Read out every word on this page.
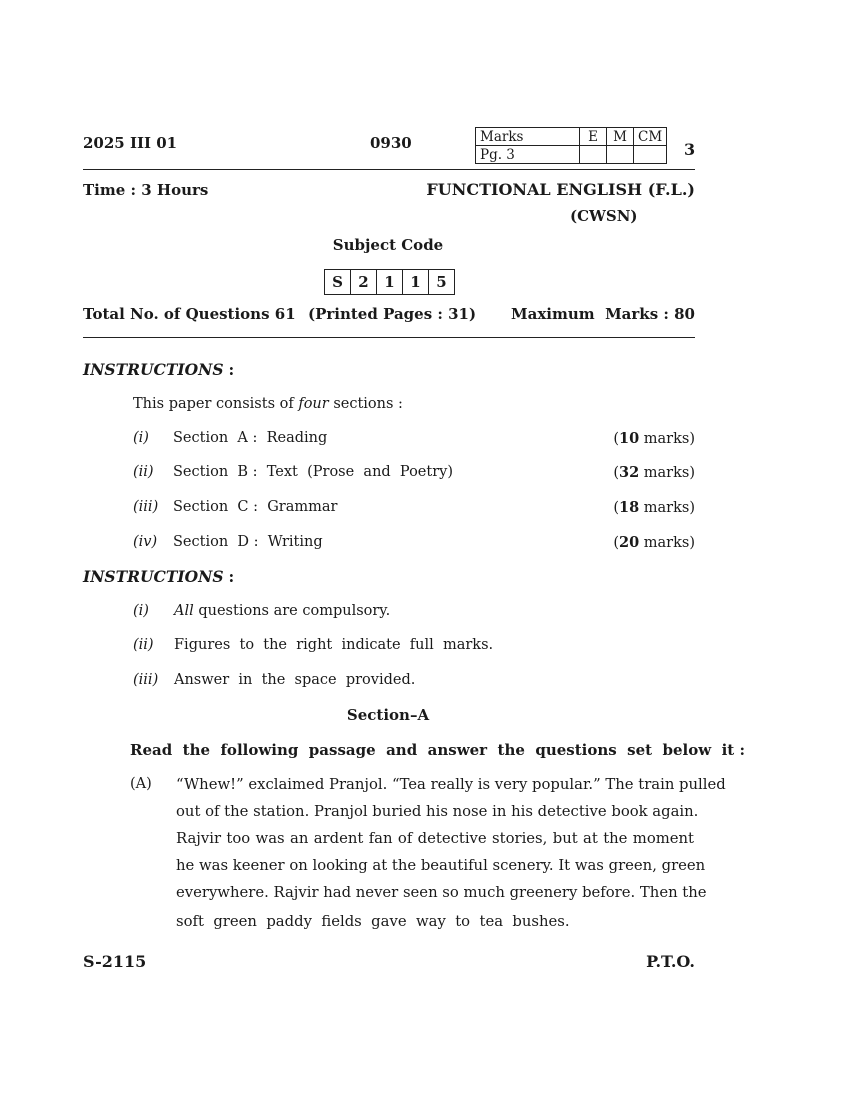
2025 III 01	0930	Marks	E	M	CM
Pg. 3				3
Time : 3 Hours	FUNCTIONAL ENGLISH (F.L.)
(CWSN)
Subject Code
S	2	1	1	5
Total No. of Questions 61 (Printed Pages : 31) Maximum  Marks : 80
INSTRUCTIONS :
This paper consists of four sections :
(i) Section  A :  Reading	(10 marks)
(ii) Section  B :  Text  (Prose  and  Poetry)	(32 marks)
(iii) Section  C :  Grammar	(18 marks)
(iv) Section  D :  Writing	(20 marks)
INSTRUCTIONS :
(i) All questions are compulsory.
(ii) Figures  to  the  right  indicate  full  marks.
(iii) Answer  in  the  space  provided.
Section–A
Read  the  following  passage  and  answer  the  questions  set  below  it :
(A) “Whew!” exclaimed Pranjol. “Tea really is very popular.” The train pulled
out of the station. Pranjol buried his nose in his detective book again.
Rajvir too was an ardent fan of detective stories, but at the moment
he was keener on looking at the beautiful scenery. It was green, green
everywhere. Rajvir had never seen so much greenery before. Then the
soft  green  paddy  fields  gave  way  to  tea  bushes.
S-2115	P.T.O.
